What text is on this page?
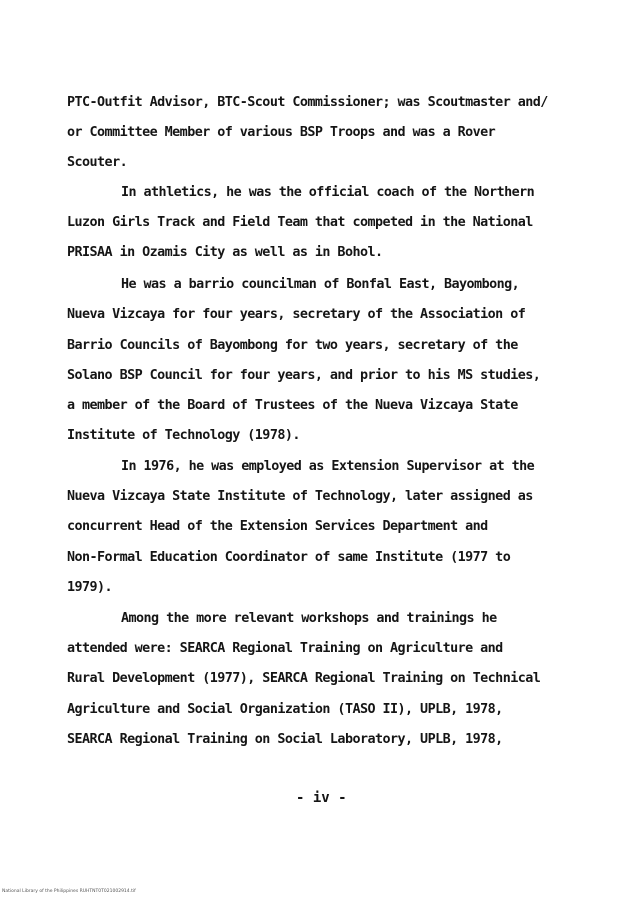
PTC-Outfit Advisor, BTC-Scout Commissioner; was Scoutmaster and/
or Committee Member of various BSP Troops and was a Rover
Scouter.
In athletics, he was the official coach of the Northern
Luzon Girls Track and Field Team that competed in the National
PRISAA in Ozamis City as well as in Bohol.
He was a barrio councilman of Bonfal East, Bayombong,
Nueva Vizcaya for four years, secretary of the Association of
Barrio Councils of Bayombong for two years, secretary of the
Solano BSP Council for four years, and prior to his MS studies,
a member of the Board of Trustees of the Nueva Vizcaya State
Institute of Technology (1978).
In 1976, he was employed as Extension Supervisor at the
Nueva Vizcaya State Institute of Technology, later assigned as
concurrent Head of the Extension Services Department and
Non-Formal Education Coordinator of same Institute (1977 to
1979).
Among the more relevant workshops and trainings he
attended were: SEARCA Regional Training on Agriculture and
Rural Development (1977), SEARCA Regional Training on Technical
Agriculture and Social Organization (TASO II), UPLB, 1978,
SEARCA Regional Training on Social Laboratory, UPLB, 1978,
- iv -
National Library of the Philippines RUHTNT0T021002914.tif
